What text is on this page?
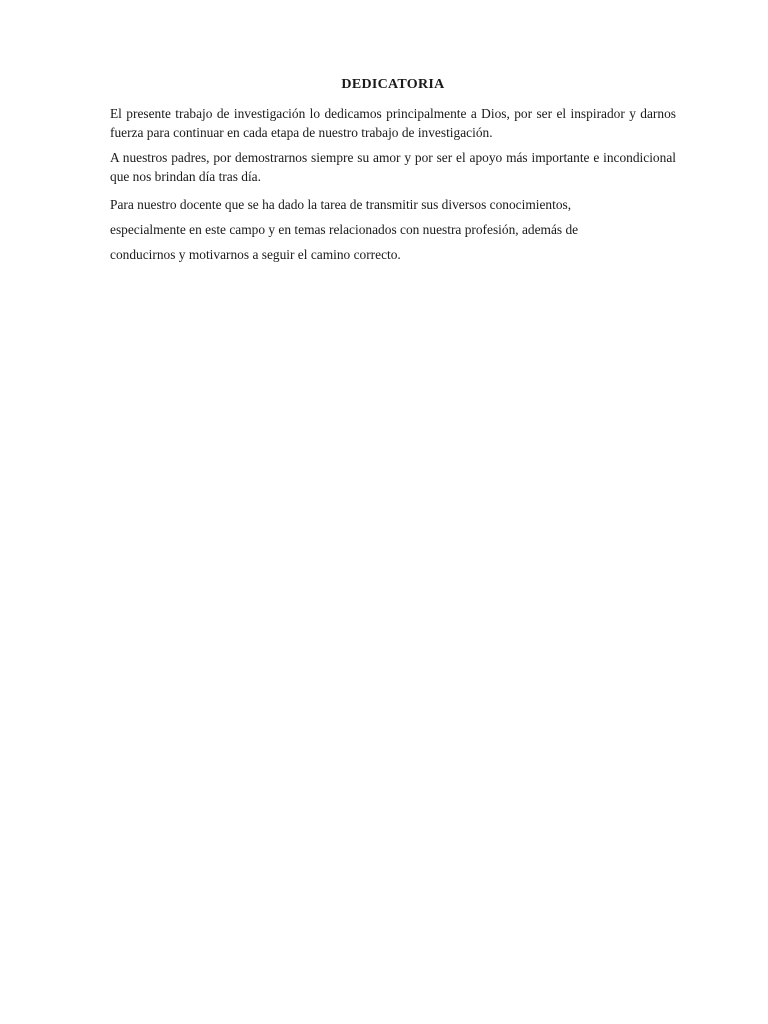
DEDICATORIA

El presente trabajo de investigación lo dedicamos principalmente a Dios, por ser el inspirador y darnos fuerza para continuar en cada etapa de nuestro trabajo de investigación.

A nuestros padres, por demostrarnos siempre su amor y por ser el apoyo más importante e incondicional que nos brindan día tras día.

Para nuestro docente que se ha dado la tarea de transmitir sus diversos conocimientos,
especialmente en este campo y en temas relacionados con nuestra profesión, además de
conducirnos y motivarnos a seguir el camino correcto.
